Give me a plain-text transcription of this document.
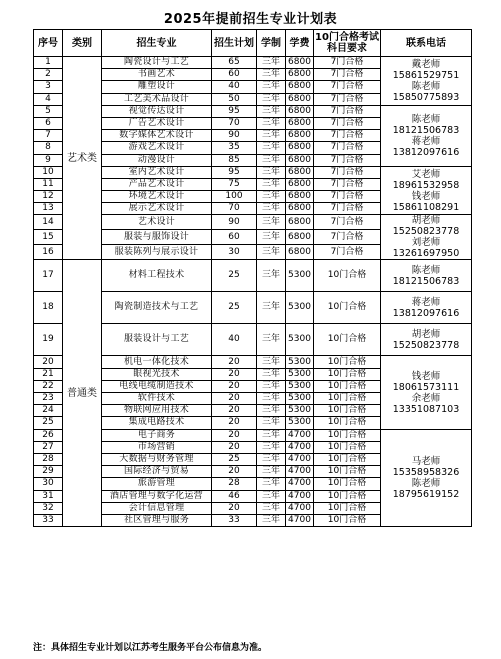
2025年提前招生专业计划表
序号	类别	招生专业	招生计划	学制	学费	10门合格考试科目要求	联系电话
1	艺术类	陶瓷设计与工艺	65	三年	6800	7门合格	戴老师
15861529751
陈老师
15850775893

2		书画艺术	60	三年	6800	7门合格	
3		雕塑设计	40	三年	6800	7门合格	
4		工艺美术品设计	50	三年	6800	7门合格	
5		视觉传达设计	95	三年	6800	7门合格	陈老师
18121506783
蒋老师
13812097616

6		广告艺术设计	70	三年	6800	7门合格	
7		数字媒体艺术设计	90	三年	6800	7门合格	
8		游戏艺术设计	35	三年	6800	7门合格	
9		动漫设计	85	三年	6800	7门合格	
10		室内艺术设计	95	三年	6800	7门合格	艾老师
18961532958
钱老师
15861108291

11		产品艺术设计	75	三年	6800	7门合格	
12		环境艺术设计	100	三年	6800	7门合格	
13		展示艺术设计	70	三年	6800	7门合格	
14		艺术设计	90	三年	6800	7门合格	胡老师
15250823778
刘老师
13261697950

15		服装与服饰设计	60	三年	6800	7门合格	
16		服装陈列与展示设计	30	三年	6800	7门合格	
17	普通类	材料工程技术	25	三年	5300	10门合格	陈老师
18121506783

18		陶瓷制造技术与工艺	25	三年	5300	10门合格	蒋老师
13812097616

19		服装设计与工艺	40	三年	5300	10门合格	胡老师
15250823778

20		机电一体化技术	20	三年	5300	10门合格	钱老师
18061573111
余老师
13351087103

21		眼视光技术	20	三年	5300	10门合格	
22		电线电缆制造技术	20	三年	5300	10门合格	
23		软件技术	20	三年	5300	10门合格	
24		物联网应用技术	20	三年	5300	10门合格	
25		集成电路技术	20	三年	5300	10门合格	
26		电子商务	20	三年	4700	10门合格	马老师
15358958326
陈老师
18795619152

27		市场营销	20	三年	4700	10门合格	
28		大数据与财务管理	25	三年	4700	10门合格	
29		国际经济与贸易	20	三年	4700	10门合格	
30		旅游管理	28	三年	4700	10门合格	
31		酒店管理与数字化运营	46	三年	4700	10门合格	
32		会计信息管理	20	三年	4700	10门合格	
33		社区管理与服务	33	三年	4700	10门合格	
注：具体招生专业计划以江苏考生服务平台公布信息为准。
